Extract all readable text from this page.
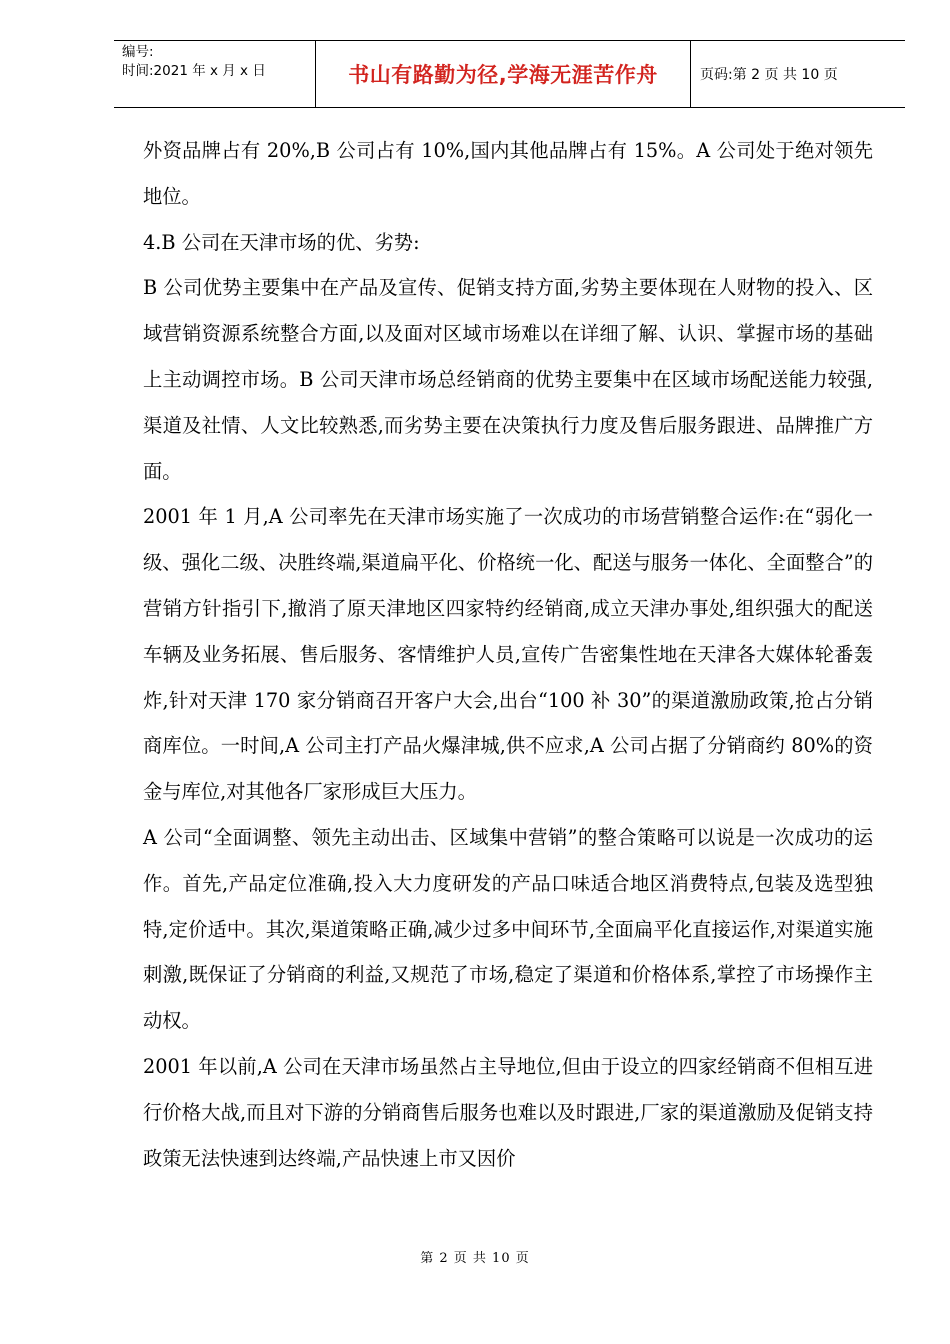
编号:
时间:2021 年 x 月 x 日	书山有路勤为径,学海无涯苦作舟	页码:第 2 页 共 10 页

外资品牌占有 20%,B 公司占有 10%,国内其他品牌占有 15%。A 公司处于绝对领先地位。

4.B 公司在天津市场的优、劣势:

B 公司优势主要集中在产品及宣传、促销支持方面,劣势主要体现在人财物的投入、区域营销资源系统整合方面,以及面对区域市场难以在详细了解、认识、掌握市场的基础上主动调控市场。B 公司天津市场总经销商的优势主要集中在区域市场配送能力较强,渠道及社情、人文比较熟悉,而劣势主要在决策执行力度及售后服务跟进、品牌推广方面。

2001 年 1 月,A 公司率先在天津市场实施了一次成功的市场营销整合运作:在“弱化一级、强化二级、决胜终端,渠道扁平化、价格统一化、配送与服务一体化、全面整合”的营销方针指引下,撤消了原天津地区四家特约经销商,成立天津办事处,组织强大的配送车辆及业务拓展、售后服务、客情维护人员,宣传广告密集性地在天津各大媒体轮番轰炸,针对天津 170 家分销商召开客户大会,出台“100 补 30”的渠道激励政策,抢占分销商库位。一时间,A 公司主打产品火爆津城,供不应求,A 公司占据了分销商约 80%的资金与库位,对其他各厂家形成巨大压力。

A 公司“全面调整、领先主动出击、区域集中营销”的整合策略可以说是一次成功的运作。首先,产品定位准确,投入大力度研发的产品口味适合地区消费特点,包装及选型独特,定价适中。其次,渠道策略正确,减少过多中间环节,全面扁平化直接运作,对渠道实施刺激,既保证了分销商的利益,又规范了市场,稳定了渠道和价格体系,掌控了市场操作主动权。

2001 年以前,A 公司在天津市场虽然占主导地位,但由于设立的四家经销商不但相互进行价格大战,而且对下游的分销商售后服务也难以及时跟进,厂家的渠道激励及促销支持政策无法快速到达终端,产品快速上市又因价

第 2 页 共 10 页
